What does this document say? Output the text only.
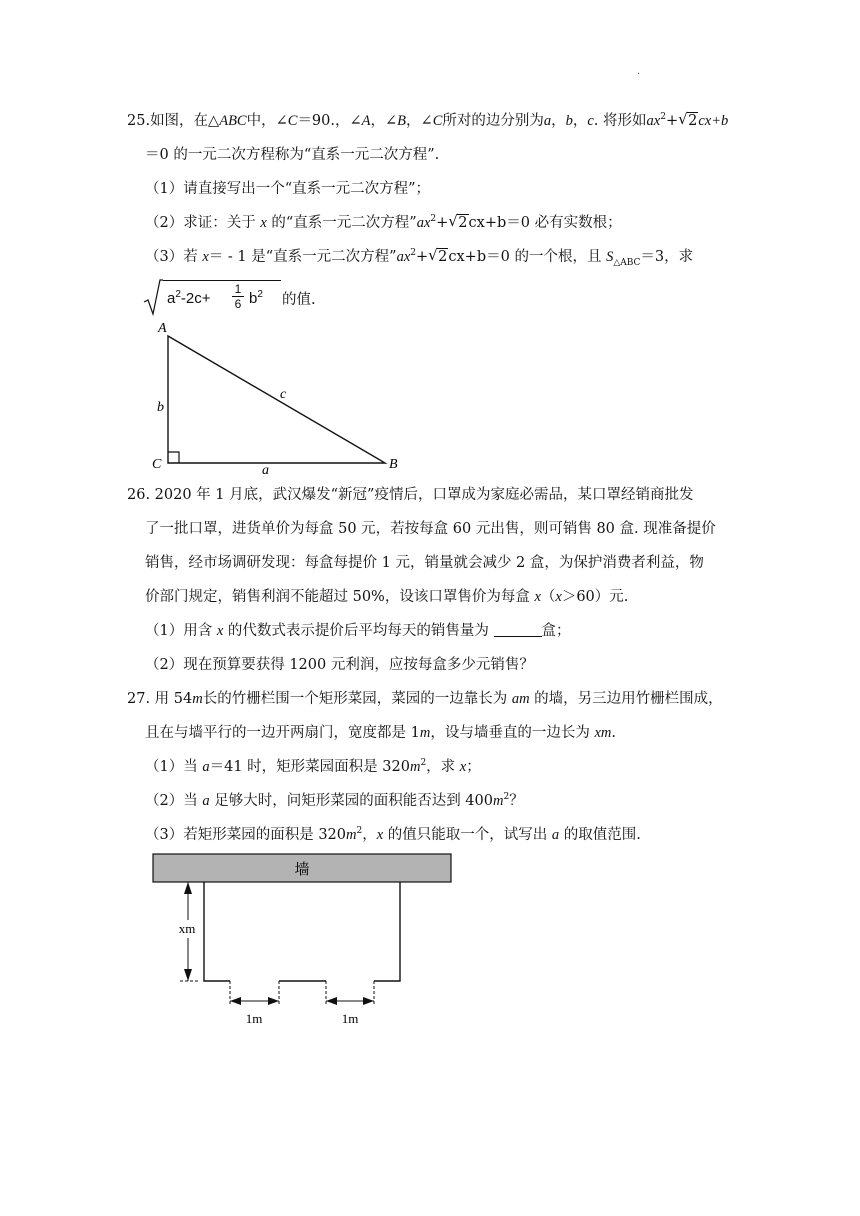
.
25.如图，在△ABC中，∠C＝90.，∠A，∠B，∠C所对的边分别为a，b，c. 将形如$ax^2+$ √ 2cx+b
＝0 的一元二次方程称为“直系一元二次方程”.
（1）请直接写出一个“直系一元二次方程”；
（2）求证：关于 x 的“直系一元二次方程$”ax^2+$ √ 2cx+b＝0 必有实数根；
（3）若 x＝ - 1 是“直系一元二次方程$”ax^2+$ √ 2cx+b＝0 的一个根，且 $S_{\triangle ABC}=3$，求
$a^2-2c+$
1
6 $b^2$ 的值.
A
C	B
b
a
c
26. 2020 年 1 月底，武汉爆发“新冠”疫情后，口罩成为家庭必需品，某口罩经销商批发
了一批口罩，进货单价为每盒 50 元，若按每盒 60 元出售，则可销售 80 盒. 现准备提价
销售，经市场调研发现：每盒每提价 1 元，销量就会减少 2 盒，为保护消费者利益，物
价部门规定，销售利润不能超过 50%，设该口罩售价为每盒 x（x＞60）元.
（1）用含 x 的代数式表示提价后平均每天的销售量为	盒；
（2）现在预算要获得 1200 元利润，应按每盒多少元销售？
27. 用 54m长的竹栅栏围一个矩形菜园，菜园的一边靠长为 am 的墙，另三边用竹栅栏围成，
且在与墙平行的一边开两扇门，宽度都是 1m，设与墙垂直的一边长为 xm.
（1）当 a＝41 时，矩形菜园面积是 $320m^2$，求 x；
（2）当 a 足够大时，问矩形菜园的面积能否达到 $400m^2$？
（3）若矩形菜园的面积是 $320m^2$，x 的值只能取一个，试写出 a 的取值范围.
墙
xm
1m	1m
